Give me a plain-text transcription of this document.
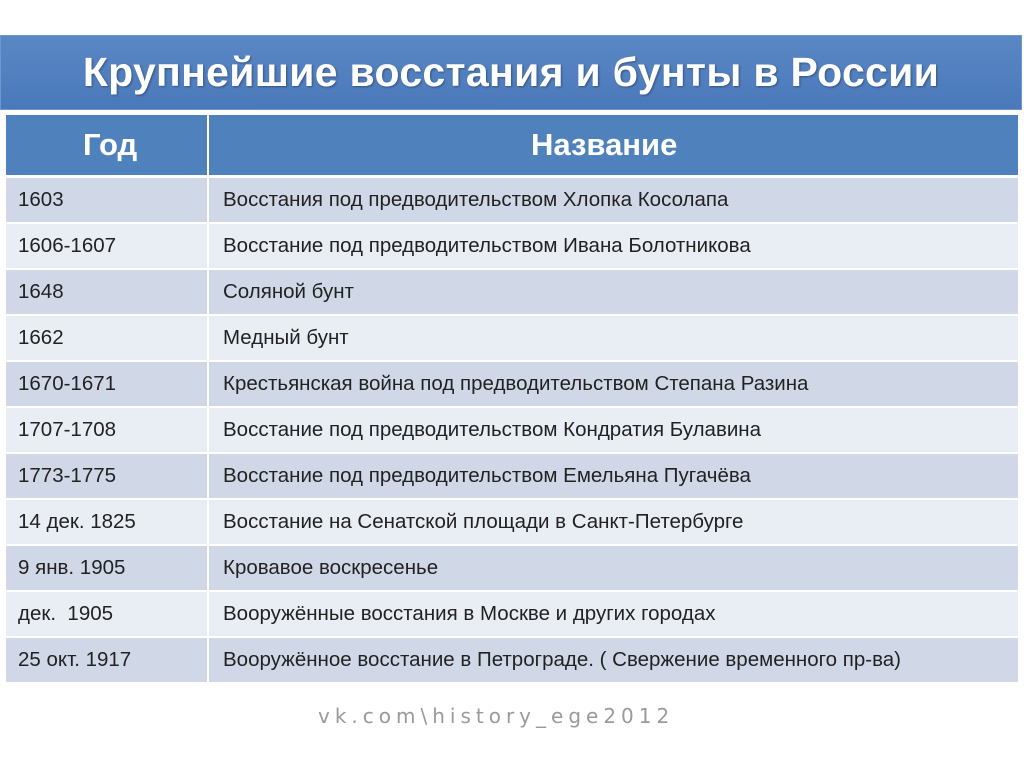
Крупнейшие восстания и бунты в России
Год	Название
1603	Восстания под предводительством Хлопка Косолапа
1606-1607	Восстание под предводительством Ивана Болотникова
1648	Соляной бунт
1662	Медный бунт
1670-1671	Крестьянская война под предводительством Степана Разина
1707-1708	Восстание под предводительством Кондратия Булавина
1773-1775	Восстание под предводительством Емельяна Пугачёва
14 дек. 1825	Восстание на Сенатской площади в Санкт-Петербурге
9 янв. 1905	Кровавое воскресенье
дек.  1905	Вооружённые восстания в Москве и других городах
25 окт. 1917	Вооружённое восстание в Петрограде. ( Свержение временного пр-ва)
vk.com\history_ege2012
